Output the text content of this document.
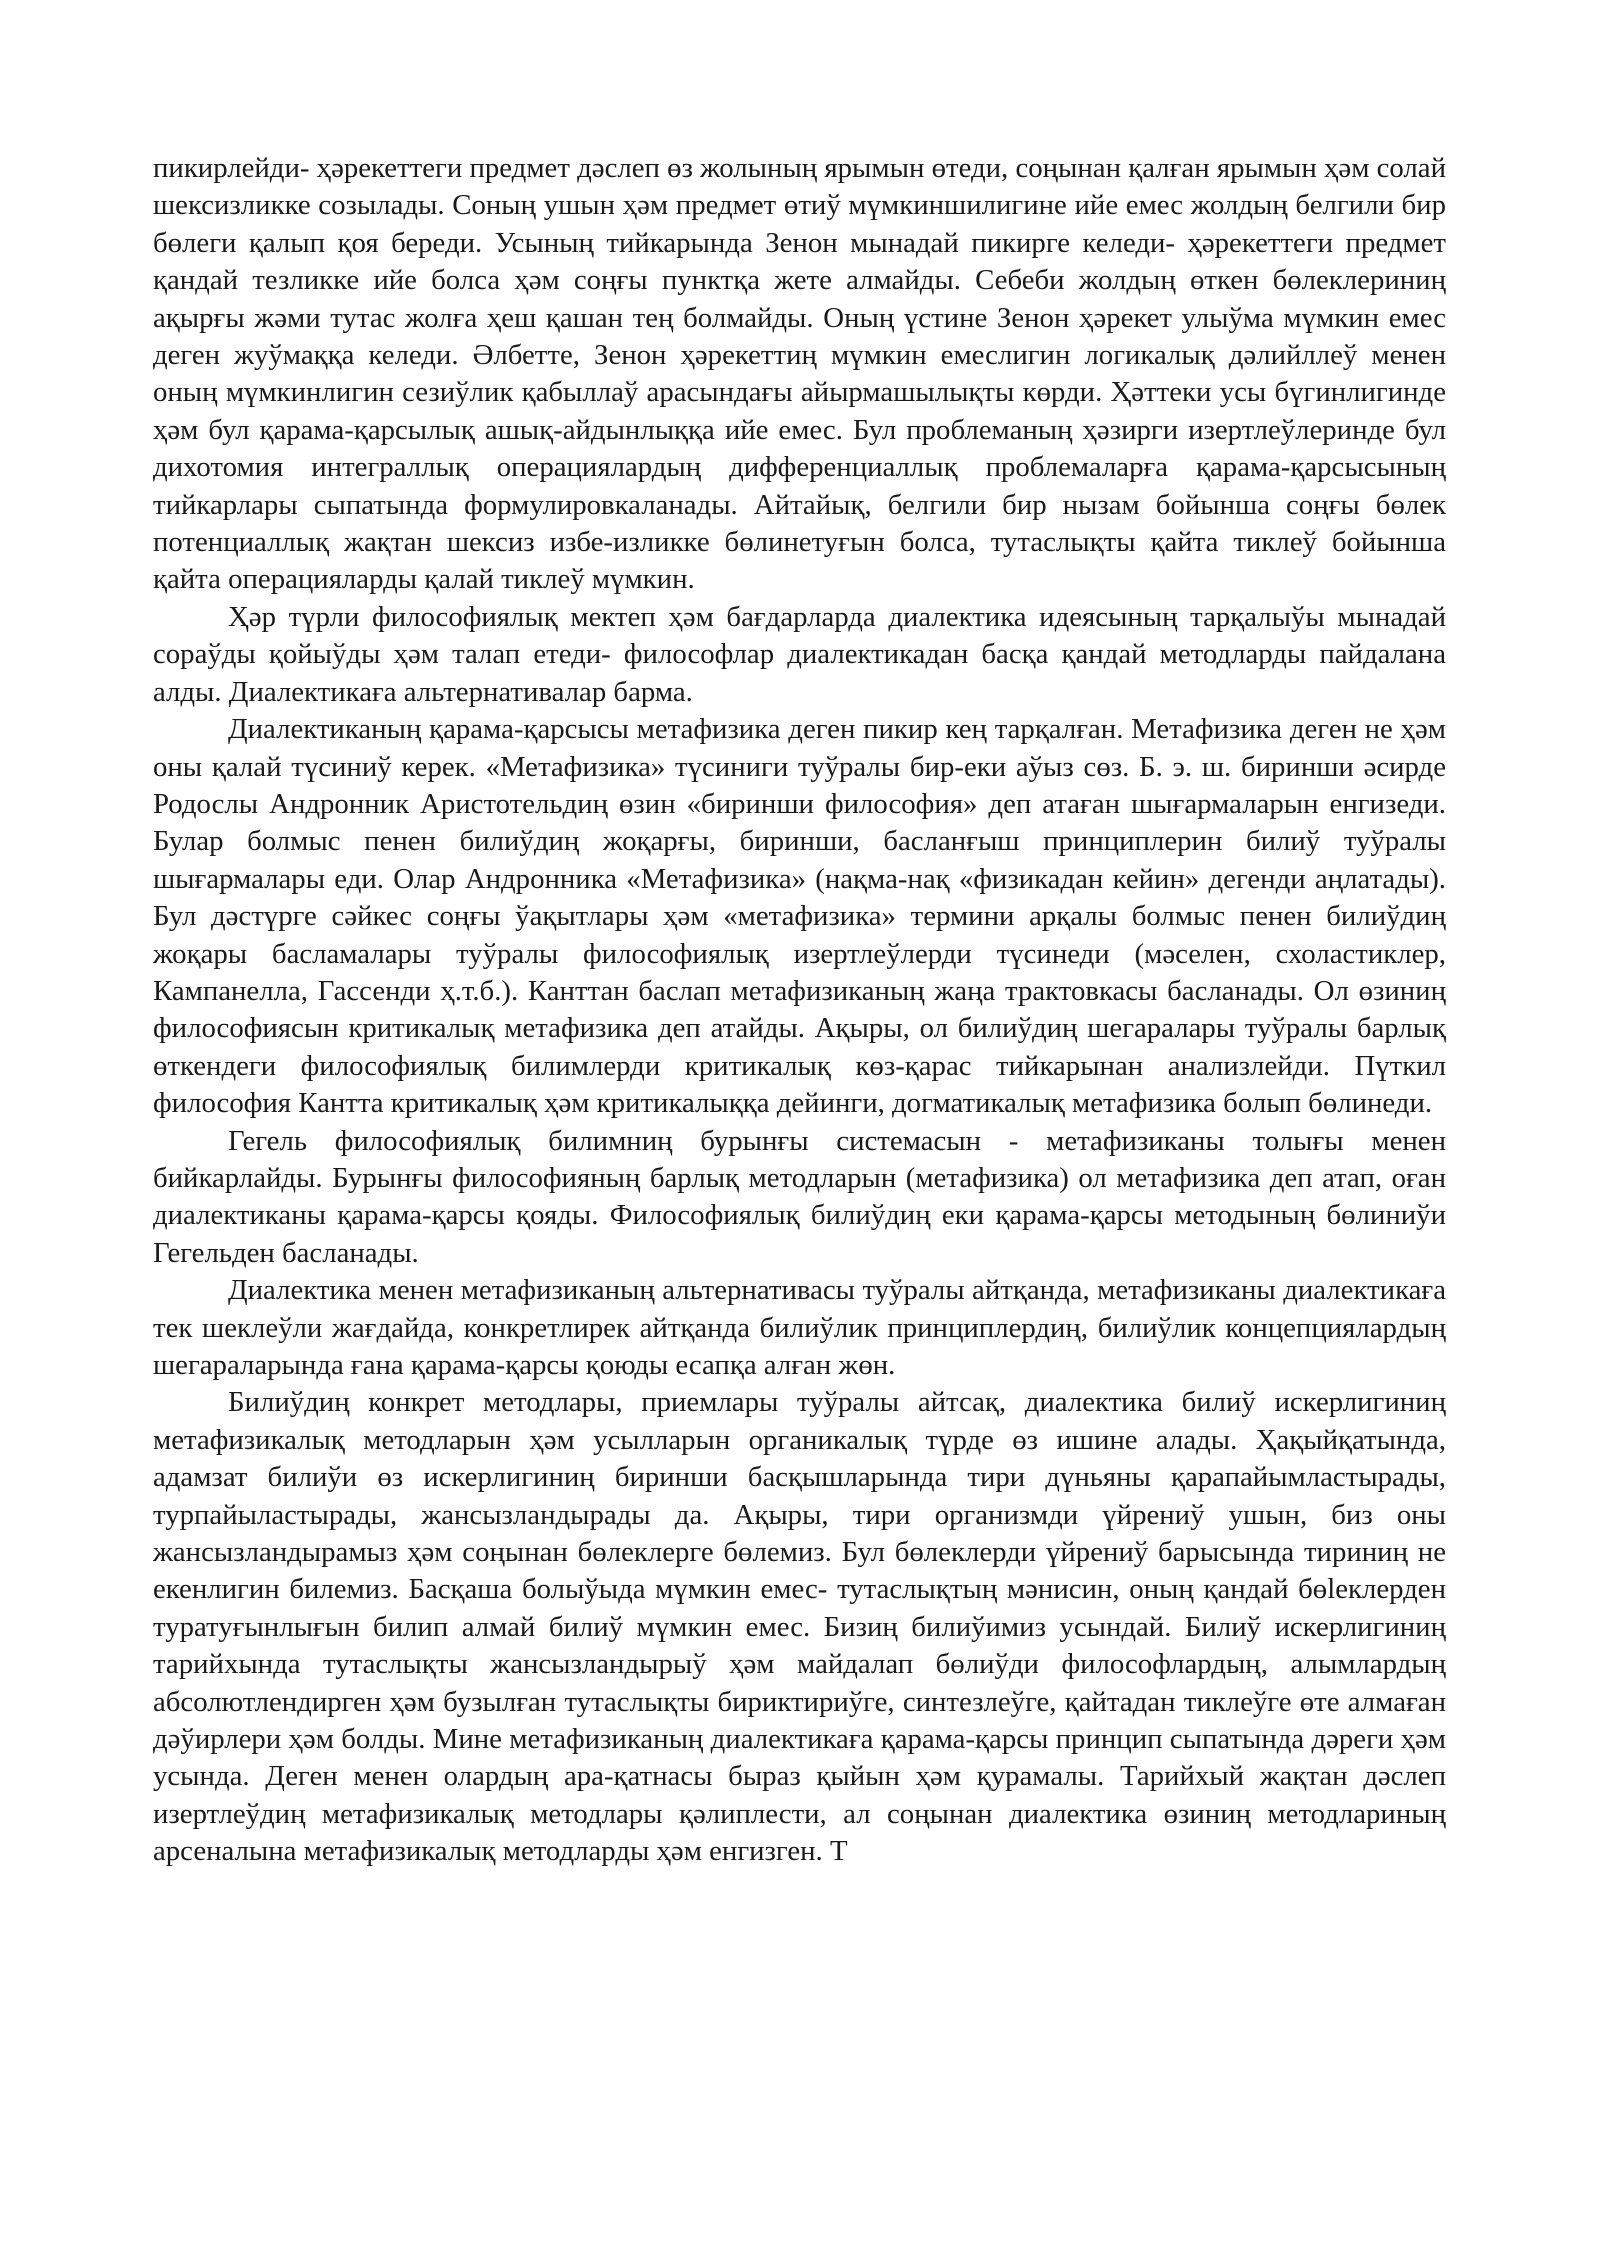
пикирлейди- ҳәрекеттеги предмет дәслеп өз жолының ярымын өтеди, соңынан қалған ярымын ҳәм солай шексизликке созылады. Соның ушын ҳәм предмет өтиў мүмкиншилигине ийе емес жолдың белгили бир бөлеги қалып қоя береди. Усының тийкарында Зенон мынадай пикирге келеди- ҳәрекеттеги предмет қандай тезликке ийе болса ҳәм соңғы пунктқа жете алмайды. Себеби жолдың өткен бөлеклериниң ақырғы жәми тутас жолға ҳеш қашан тең болмайды. Оның үстине Зенон ҳәрекет улыўма мүмкин емес деген жуўмаққа келеди. Әлбетте, Зенон ҳәрекеттиң мүмкин емеслигин логикалық дәлийллеў менен оның мүмкинлигин сезиўлик қабыллаў арасындағы айырмашылықты көрди. Ҳәттеки усы бүгинлигинде ҳәм бул қарама-қарсылық ашық-айдынлыққа ийе емес. Бул проблеманың ҳәзирги изертлеўлеринде бул дихотомия интеграллық операциялардың дифференциаллық проблемаларға қарама-қарсысының тийкарлары сыпатында формулировкаланады. Айтайық, белгили бир нызам бойынша соңғы бөлек потенциаллық жақтан шексиз избе-изликке бөлинетуғын болса, тутаслықты қайта тиклеў бойынша қайта операцияларды қалай тиклеў мүмкин.

Ҳәр түрли философиялық мектеп ҳәм бағдарларда диалектика идеясының тарқалыўы мынадай сораўды қойыўды ҳәм талап етеди- философлар диалектикадан басқа қандай методларды пайдалана алды. Диалектикаға альтернативалар барма.

Диалектиканың қарама-қарсысы метафизика деген пикир кең тарқалған. Метафизика деген не ҳәм оны қалай түсиниў керек. «Метафизика» түсиниги туўралы бир-еки аўыз сөз. Б. э. ш. биринши әсирде Родослы Андронник Аристотельдиң өзин «биринши философия» деп атаған шығармаларын енгизеди. Булар болмыс пенен билиўдиң жоқарғы, биринши, басланғыш принциплерин билиў туўралы шығармалары еди. Олар Андронника «Метафизика» (нақма-нақ «физикадан кейин» дегенди аңлатады). Бул дәстүрге сәйкес соңғы ўақытлары ҳәм «метафизика» термини арқалы болмыс пенен билиўдиң жоқары басламалары туўралы философиялық изертлеўлерди түсинеди (мәселен, схоластиклер, Кампанелла, Гассенди ҳ.т.б.). Канттан баслап метафизиканың жаңа трактовкасы басланады. Ол өзиниң философиясын критикалық метафизика деп атайды. Ақыры, ол билиўдиң шегаралары туўралы барлық өткендеги философиялық билимлерди критикалық көз-қарас тийкарынан анализлейди. Пүткил философия Кантта критикалық ҳәм критикалыққа дейинги, догматикалық метафизика болып бөлинеди.

Гегель философиялық билимниң бурынғы системасын - метафизиканы толығы менен бийкарлайды. Бурынғы философияның барлық методларын (метафизика) ол метафизика деп атап, оған диалектиканы қарама-қарсы қояды. Философиялық билиўдиң еки қарама-қарсы методының бөлиниўи Гегельден басланады.

Диалектика менен метафизиканың альтернативасы туўралы айтқанда, метафизиканы диалектикаға тек шеклеўли жағдайда, конкретлирек айтқанда билиўлик принциплердиң, билиўлик концепциялардың шегараларында ғана қарама-қарсы қоюды есапқа алған жөн.

Билиўдиң конкрет методлары, приемлары туўралы айтсақ, диалектика билиў искерлигиниң метафизикалық методларын ҳәм усылларын органикалық түрде өз ишине алады. Ҳақыйқатында, адамзат билиўи өз искерлигиниң биринши басқышларында тири дүньяны қарапайымластырады, турпайыластырады, жансызландырады да. Ақыры, тири организмди үйрениў ушын, биз оны жансызландырамыз ҳәм соңынан бөлеклерге бөлемиз. Бул бөлеклерди үйрениў барысында тириниң не екенлигин билемиз. Басқаша болыўыда мүмкин емес- тутаслықтың мәнисин, оның қандай бөleклерден туратуғынлығын билип алмай билиў мүмкин емес. Бизиң билиўимиз усындай. Билиў искерлигиниң тарийхында тутаслықты жансызландырыў ҳәм майдалап бөлиўди философлардың, алымлардың абсолютлендирген ҳәм бузылған тутаслықты бириктириўге, синтезлеўге, қайтадан тиклеўге өте алмаған дәўирлери ҳәм болды. Мине метафизиканың диалектикаға қарама-қарсы принцип сыпатында дәреги ҳәм усында. Деген менен олардың ара-қатнасы быраз қыйын ҳәм қурамалы. Тарийхый жақтан дәслеп изертлеўдиң метафизикалық методлары қәлиплести, ал соңынан диалектика өзиниң методлариның арсеналына метафизикалық методларды ҳәм енгизген. Т
